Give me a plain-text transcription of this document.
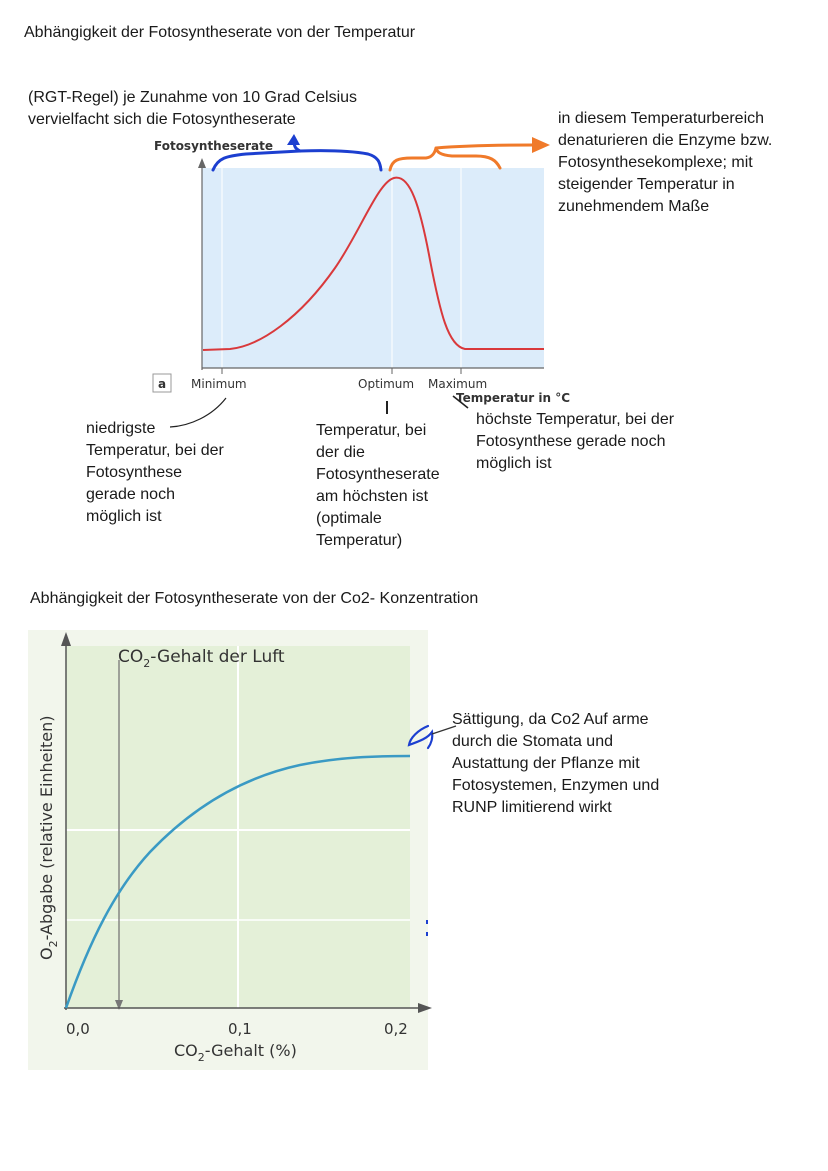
Abhängigkeit der Fotosyntheserate von der Temperatur
(RGT-Regel) je Zunahme von 10 Grad Celsius
vervielfacht sich die Fotosyntheserate	in diesem Temperaturbereich
denaturieren die Enzyme bzw.
Fotosynthesekomplexe; mit
steigender Temperatur in
zunehmendem Maße
Fotosyntheserate
a Minimum	Optimum Maximum
Temperatur in °C
niedrigste
Temperatur, bei der
Fotosynthese
gerade noch
möglich ist
Temperatur, bei
der die
Fotosyntheserate
am höchsten ist
(optimale
Temperatur)
höchste Temperatur, bei der
Fotosynthese gerade noch
möglich ist
Abhängigkeit der Fotosyntheserate von der Co2- Konzentration
$CO_2$-Gehalt der Luft
0,0	0,1	0,2
$CO_2$-Gehalt (%)
$O_2$-Abgabe (relative Einheiten)	Sättigung, da Co2 Auf arme
durch die Stomata und
Austattung der Pflanze mit
Fotosystemen, Enzymen und
RUNP limitierend wirkt
